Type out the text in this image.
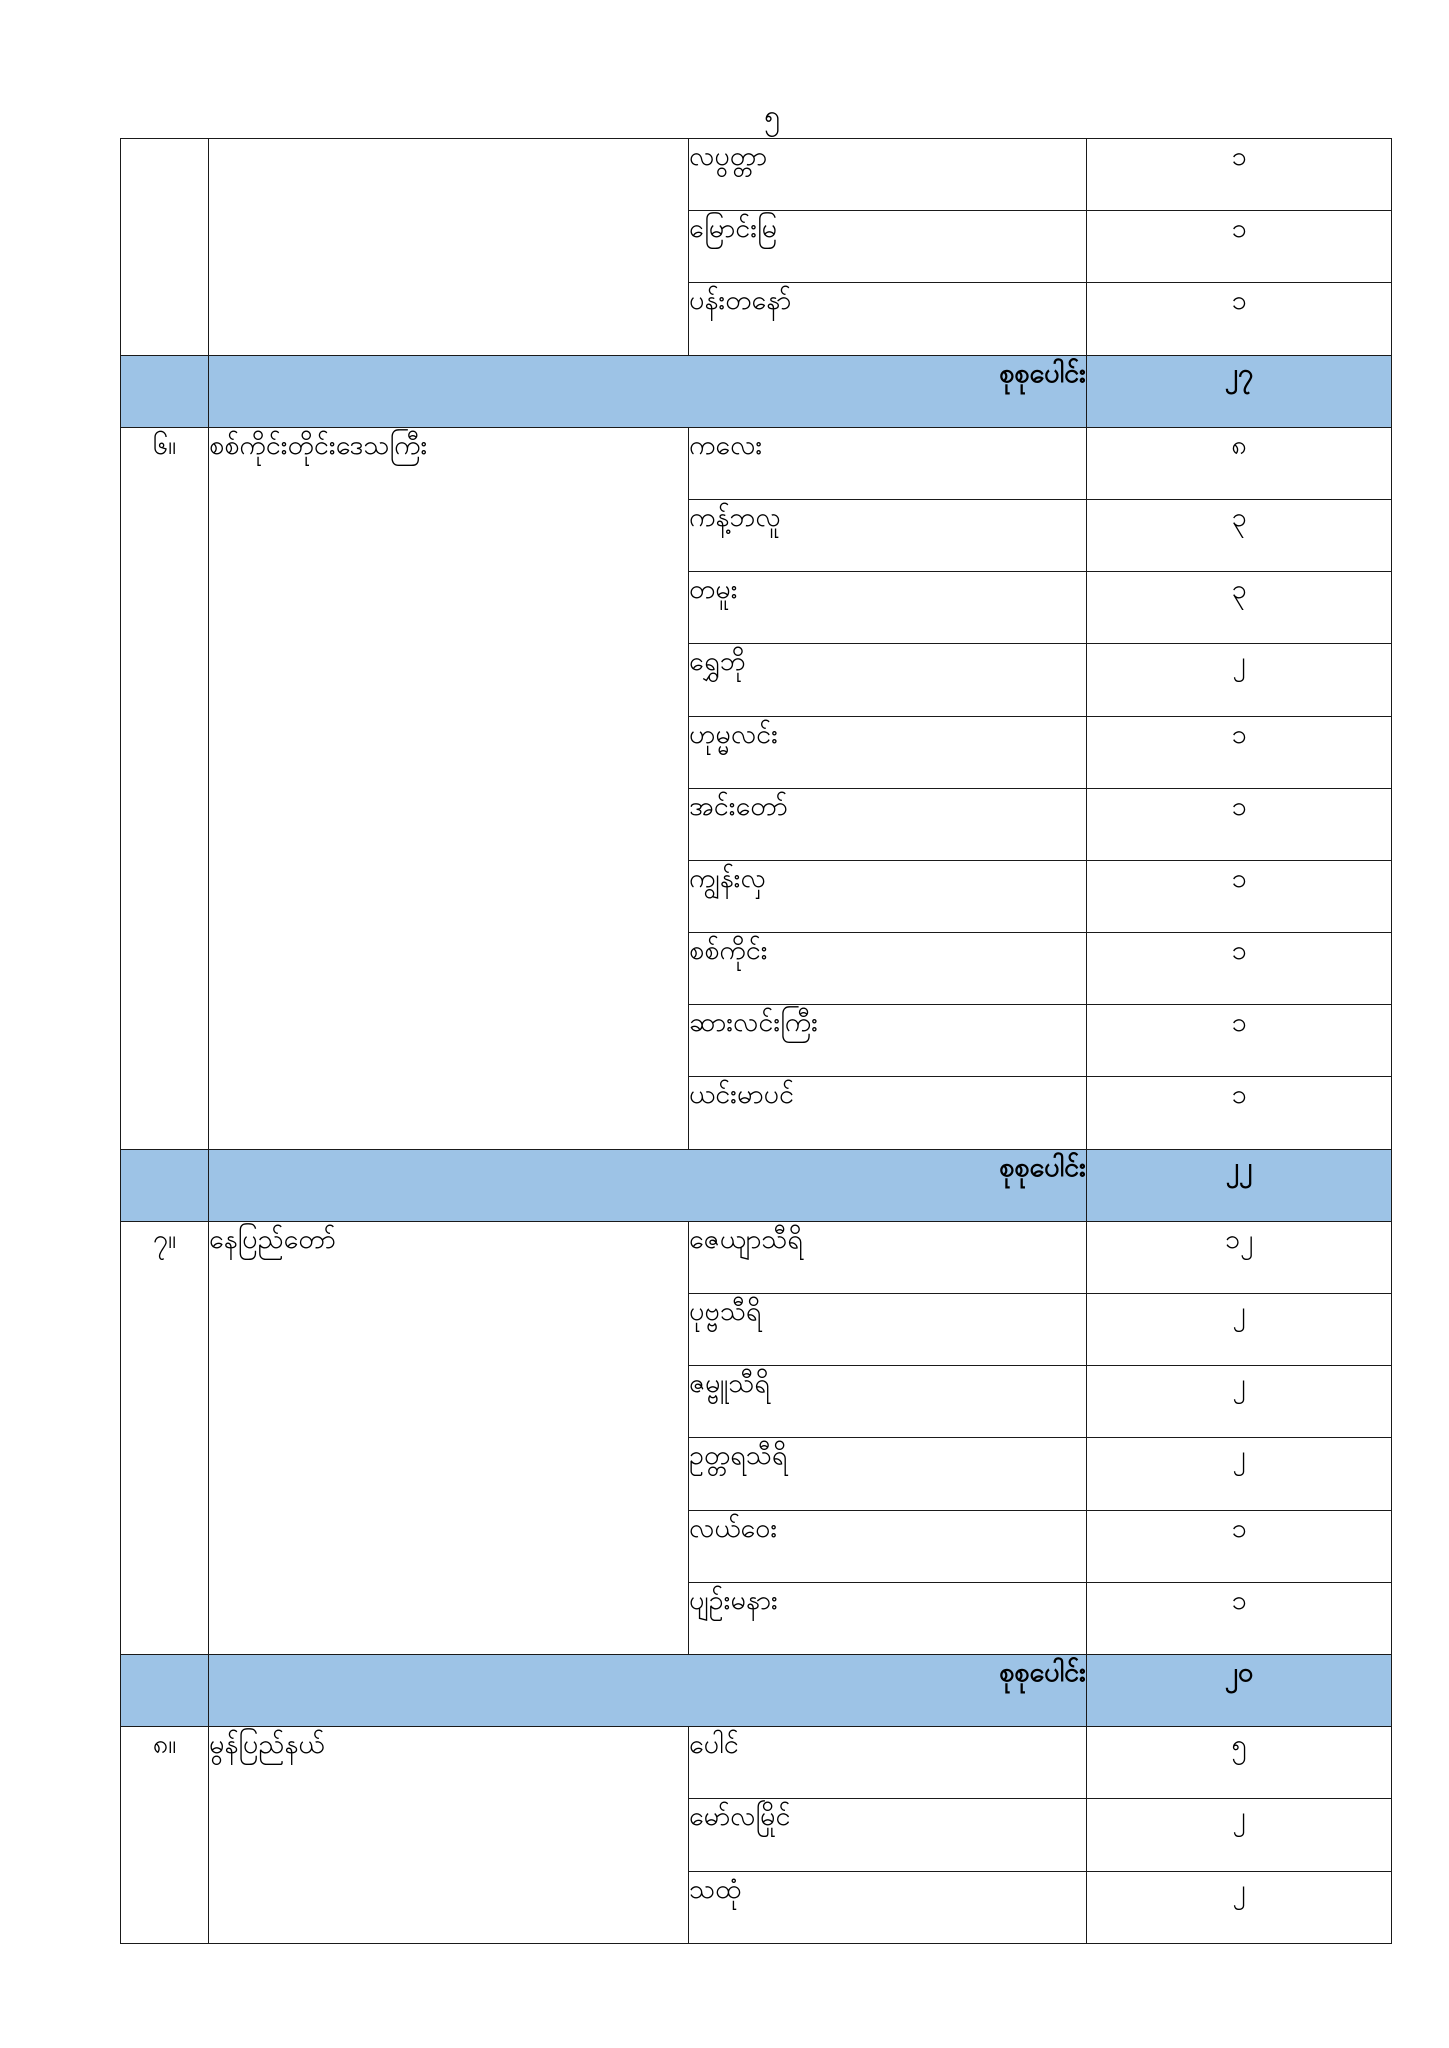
၅
		လပွတ္တာ	၁
		မြောင်းမြ	၁
		ပန်းတနော်	၁
	စုစုပေါင်း		၂၇
၆။	စစ်ကိုင်းတိုင်းဒေသကြီး	ကလေး	၈
		ကန့်ဘလူ	၃
		တမူး	၃
		ရွှေဘို	၂
		ဟုမ္မလင်း	၁
		အင်းတော်	၁
		ကျွန်းလှ	၁
		စစ်ကိုင်း	၁
		ဆားလင်းကြီး	၁
		ယင်းမာပင်	၁
	စုစုပေါင်း		၂၂
၇။	နေပြည်တော်	ဇေယျာသီရိ	၁၂
		ပုဗ္ဗသီရိ	၂
		ဇမ္ဗူသီရိ	၂
		ဥတ္တရသီရိ	၂
		လယ်ဝေး	၁
		ပျဉ်းမနား	၁
	စုစုပေါင်း		၂၀
၈။	မွန်ပြည်နယ်	ပေါင်	၅
		မော်လမြိုင်	၂
		သထုံ	၂
